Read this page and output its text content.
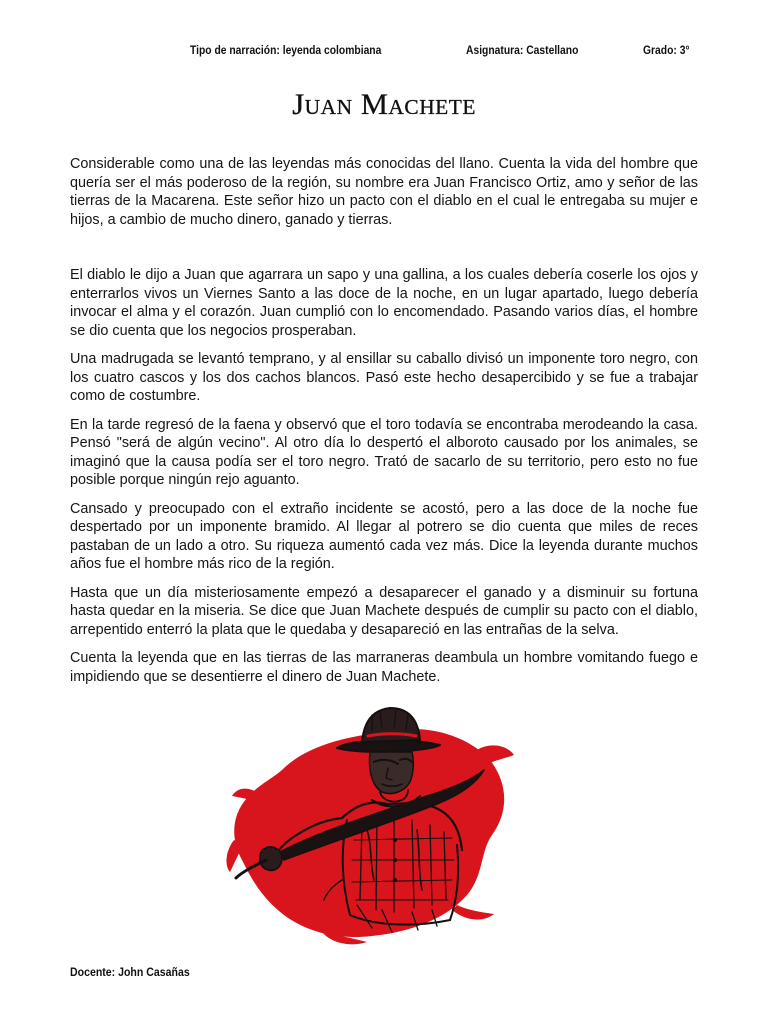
Tipo de narración: leyenda colombiana	Asignatura: Castellano	Grado: 3°
Juan Machete

Considerable como una de las leyendas más conocidas del llano. Cuenta la vida del hombre que quería ser el más poderoso de la región, su nombre era Juan Francisco Ortiz, amo y señor de las tierras de la Macarena. Este señor hizo un pacto con el diablo en el cual le entregaba su mujer e hijos, a cambio de mucho dinero, ganado y tierras.

El diablo le dijo a Juan que agarrara un sapo y una gallina, a los cuales debería coserle los ojos y enterrarlos vivos un Viernes Santo a las doce de la noche, en un lugar apartado, luego debería invocar el alma y el corazón. Juan cumplió con lo encomendado. Pasando varios días, el hombre se dio cuenta que los negocios prosperaban.

Una madrugada se levantó temprano, y al ensillar su caballo divisó un imponente toro negro, con los cuatro cascos y los dos cachos blancos. Pasó este hecho desapercibido y se fue a trabajar como de costumbre.

En la tarde regresó de la faena y observó que el toro todavía se encontraba merodeando la casa. Pensó "será de algún vecino". Al otro día lo despertó el alboroto causado por los animales, se imaginó que la causa podía ser el toro negro. Trató de sacarlo de su territorio, pero esto no fue posible porque ningún rejo aguanto.

Cansado y preocupado con el extraño incidente se acostó, pero a las doce de la noche fue despertado por un imponente bramido. Al llegar al potrero se dio cuenta que miles de reces pastaban de un lado a otro. Su riqueza aumentó cada vez más. Dice la leyenda durante muchos años fue el hombre más rico de la región.

Hasta que un día misteriosamente empezó a desaparecer el ganado y a disminuir su fortuna hasta quedar en la miseria. Se dice que Juan Machete después de cumplir su pacto con el diablo, arrepentido enterró la plata que le quedaba y desapareció en las entrañas de la selva.

Cuenta la leyenda que en las tierras de las marraneras deambula un hombre vomitando fuego e impidiendo que se desentierre el dinero de Juan Machete.

Docente: John Casañas
